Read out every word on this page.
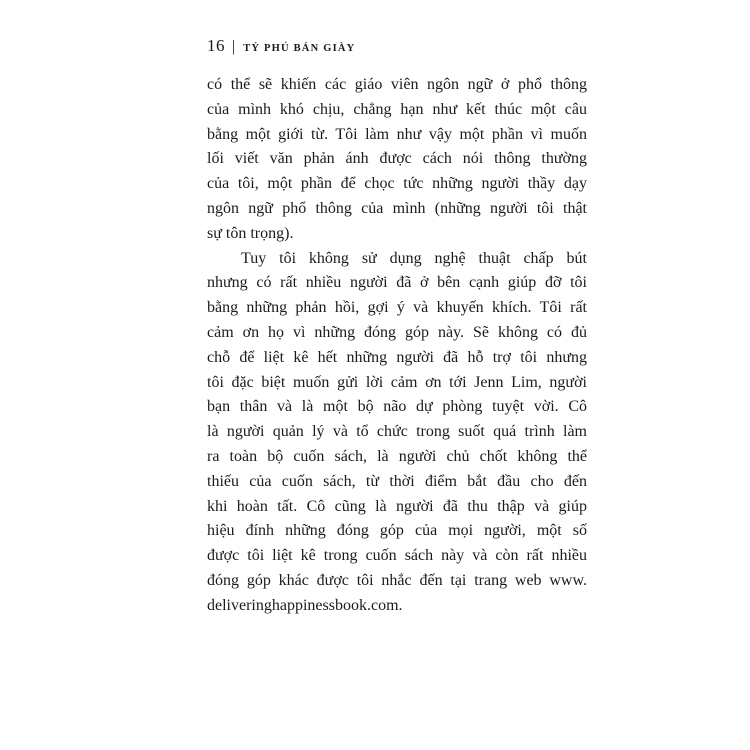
16 | TỶ PHÚ BÁN GIÀY
có thể sẽ khiến các giáo viên ngôn ngữ ở phổ thông
của mình khó chịu, chẳng hạn như kết thúc một câu
bằng một giới từ. Tôi làm như vậy một phần vì muốn
lối viết văn phản ánh được cách nói thông thường
của tôi, một phần để chọc tức những người thầy dạy
ngôn ngữ phổ thông của mình (những người tôi thật
sự tôn trọng).
Tuy tôi không sử dụng nghệ thuật chấp bút
nhưng có rất nhiều người đã ở bên cạnh giúp đỡ tôi
bằng những phản hồi, gợi ý và khuyến khích. Tôi rất
cảm ơn họ vì những đóng góp này. Sẽ không có đủ
chỗ để liệt kê hết những người đã hỗ trợ tôi nhưng
tôi đặc biệt muốn gửi lời cảm ơn tới Jenn Lim, người
bạn thân và là một bộ não dự phòng tuyệt vời. Cô
là người quản lý và tổ chức trong suốt quá trình làm
ra toàn bộ cuốn sách, là người chủ chốt không thể
thiếu của cuốn sách, từ thời điểm bắt đầu cho đến
khi hoàn tất. Cô cũng là người đã thu thập và giúp
hiệu đính những đóng góp của mọi người, một số
được tôi liệt kê trong cuốn sách này và còn rất nhiều
đóng góp khác được tôi nhắc đến tại trang web www.
deliveringhappinessbook.com.
